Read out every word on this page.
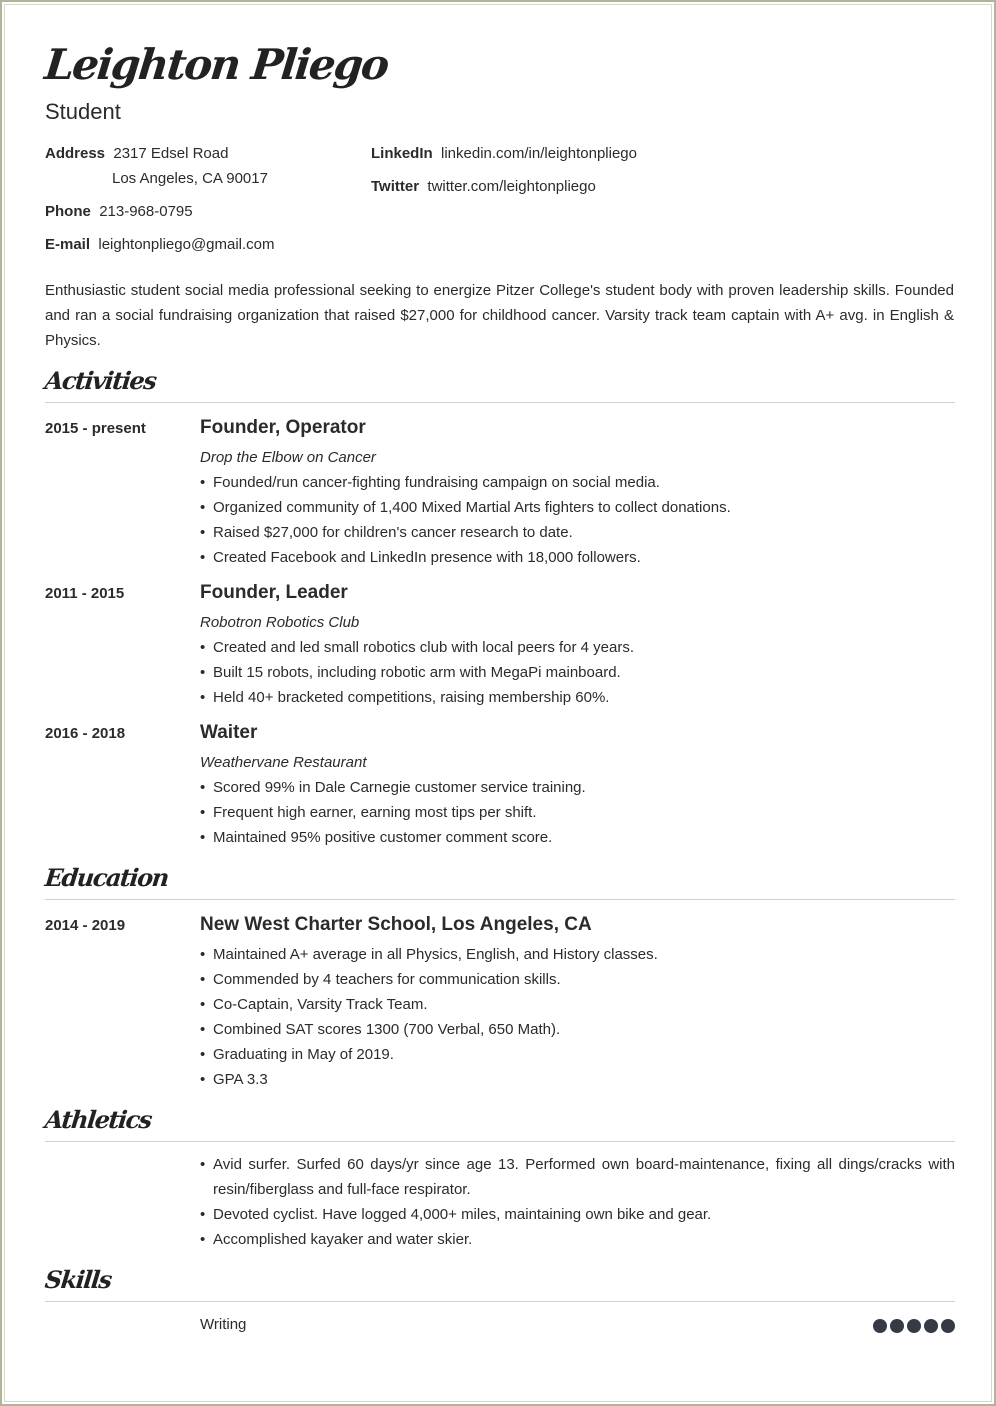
Leighton Pliego
Student
Address 2317 Edsel Road
Los Angeles, CA 90017
Phone 213-968-0795
E-mail leightonpliego@gmail.com
LinkedIn linkedin.com/in/leightonpliego
Twitter twitter.com/leightonpliego
Enthusiastic student social media professional seeking to energize Pitzer College's student body with proven leadership skills. Founded and ran a social fundraising organization that raised $27,000 for childhood cancer. Varsity track team captain with A+ avg. in English & Physics.
Activities
2015 - present	Founder, Operator
Drop the Elbow on Cancer
• Founded/run cancer-fighting fundraising campaign on social media.
• Organized community of 1,400 Mixed Martial Arts fighters to collect donations.
• Raised $27,000 for children's cancer research to date.
• Created Facebook and LinkedIn presence with 18,000 followers.
2011 - 2015	Founder, Leader
Robotron Robotics Club
• Created and led small robotics club with local peers for 4 years.
• Built 15 robots, including robotic arm with MegaPi mainboard.
• Held 40+ bracketed competitions, raising membership 60%.
2016 - 2018	Waiter
Weathervane Restaurant
• Scored 99% in Dale Carnegie customer service training.
• Frequent high earner, earning most tips per shift.
• Maintained 95% positive customer comment score.
Education
2014 - 2019	New West Charter School, Los Angeles, CA
• Maintained A+ average in all Physics, English, and History classes.
• Commended by 4 teachers for communication skills.
• Co-Captain, Varsity Track Team.
• Combined SAT scores 1300 (700 Verbal, 650 Math).
• Graduating in May of 2019.
• GPA 3.3
Athletics
• Avid surfer. Surfed 60 days/yr since age 13. Performed own board-maintenance, fixing all dings/cracks with resin/fiberglass and full-face respirator.
• Devoted cyclist. Have logged 4,000+ miles, maintaining own bike and gear.
• Accomplished kayaker and water skier.
Skills
Writing
